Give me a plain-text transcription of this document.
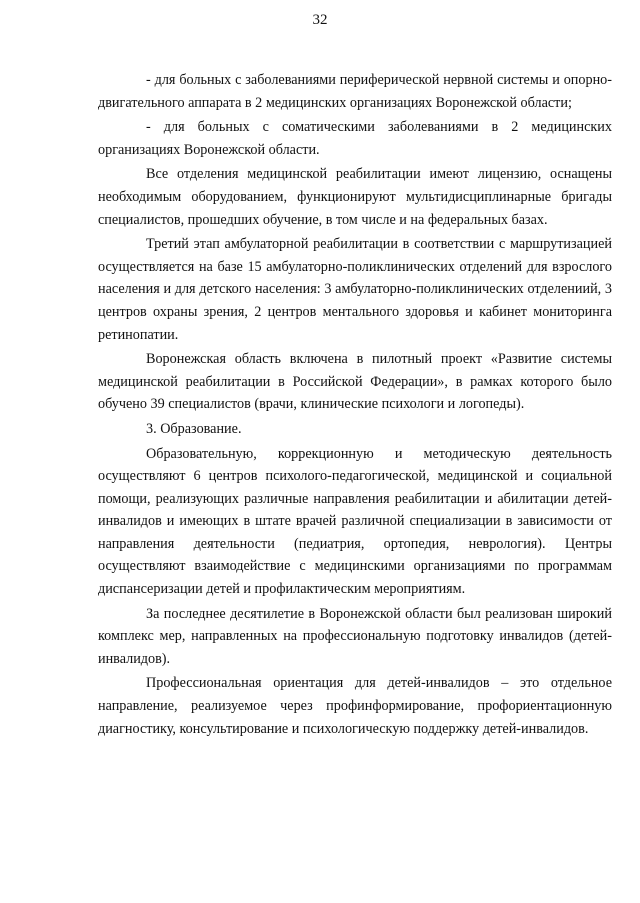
32

- для больных с заболеваниями периферической нервной системы и опорно-двигательного аппарата в 2 медицинских организациях Воронежской области;

- для больных с соматическими заболеваниями в 2 медицинских организациях Воронежской области.

Все отделения медицинской реабилитации имеют лицензию, оснащены необходимым оборудованием, функционируют мультидисциплинарные бригады специалистов, прошедших обучение, в том числе и на федеральных базах.

Третий этап амбулаторной реабилитации в соответствии с маршрутизацией осуществляется на базе 15 амбулаторно-поликлинических отделений для взрослого населения и для детского населения: 3 амбулаторно-поликлинических отделениий, 3 центров охраны зрения, 2 центров ментального здоровья и кабинет мониторинга ретинопатии.

Воронежская область включена в пилотный проект «Развитие системы медицинской реабилитации в Российской Федерации», в рамках которого было обучено 39 специалистов (врачи, клинические психологи и логопеды).

3. Образование.

Образовательную, коррекционную и методическую деятельность осуществляют 6 центров психолого-педагогической, медицинской и социальной помощи, реализующих различные направления реабилитации и абилитации детей-инвалидов и имеющих в штате врачей различной специализации в зависимости от направления деятельности (педиатрия, ортопедия, неврология). Центры осуществляют взаимодействие с медицинскими организациями по программам диспансеризации детей и профилактическим мероприятиям.

За последнее десятилетие в Воронежской области был реализован широкий комплекс мер, направленных на профессиональную подготовку инвалидов (детей-инвалидов).

Профессиональная ориентация для детей-инвалидов – это отдельное направление, реализуемое через профинформирование, профориентационную диагностику, консультирование и психологическую поддержку детей-инвалидов.
